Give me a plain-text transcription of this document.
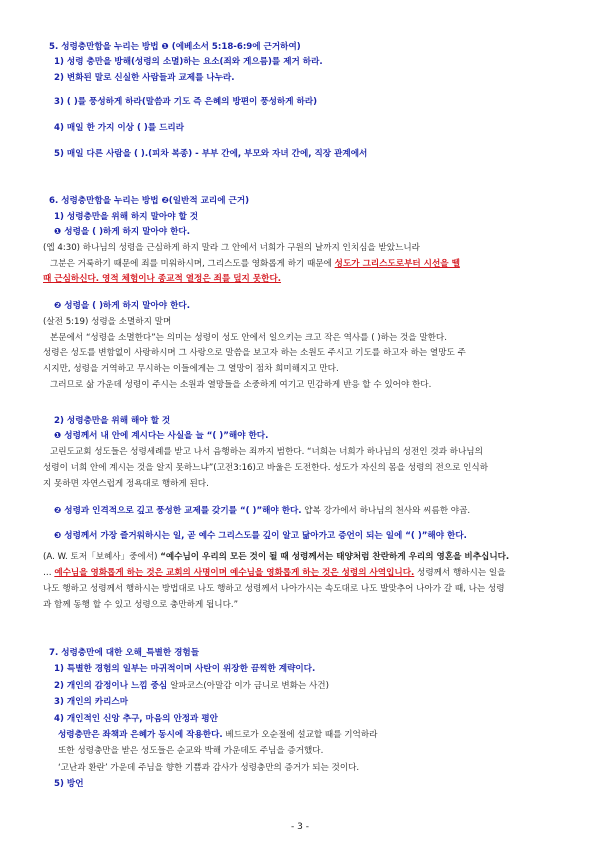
5. 성령충만함을 누리는 방법 ❶ (에베소서 5:18-6:9에 근거하여)
1) 성령 충만을 방해(성령의 소멸)하는 요소(죄와 게으름)를 제거 하라.
2) 변화된 말로 신실한 사람들과 교제를 나누라.
3) ( )를 풍성하게 하라(말씀과 기도 즉 은혜의 방편이 풍성하게 하라)
4) 매일 한 가지 이상 ( )를 드리라
5) 매일 다른 사람을 ( ).(피차 복종) - 부부 간에, 부모와 자녀 간에, 직장 관계에서
6. 성령충만함을 누리는 방법 ❷(일반적 교리에 근거)
1) 성령충만을 위해 하지 말아야 할 것
❶ 성령을 ( )하게 하지 말아야 한다.
(엡 4:30) 하나님의 성령을 근심하게 하지 말라 그 안에서 너희가 구원의 날까지 인치심을 받았느니라
그분은 거룩하기 때문에 죄를 미워하시며, 그리스도를 영화롭게 하기 때문에 성도가 그리스도로부터 시선을 뗄
때 근심하신다. 영적 체험이나 종교적 열정은 죄를 덮지 못한다.
❷ 성령을 ( )하게 하지 말아야 한다.
(살전 5:19) 성령을 소멸하지 말며
본문에서 “성령을 소멸한다”는 의미는 성령이 성도 안에서 일으키는 크고 작은 역사를 ( )하는 것을 말한다.
성령은 성도를 변함없이 사랑하시며 그 사랑으로 말씀을 보고자 하는 소원도 주시고 기도를 하고자 하는 열망도 주
시지만, 성령을 거역하고 무시하는 이들에게는 그 열망이 점차 희미해지고 만다.
그러므로 삶 가운데 성령이 주시는 소원과 열망들을 소중하게 여기고 민감하게 반응 할 수 있어야 한다.
2) 성령충만을 위해 해야 할 것
❶ 성령께서 내 안에 계시다는 사실을 늘 “( )”해야 한다.
고린도교회 성도들은 성령세례를 받고 나서 음행하는 죄까지 범한다. “너희는 너희가 하나님의 성전인 것과 하나님의
성령이 너희 안에 계시는 것을 알지 못하느냐”(고전3:16)고 바울은 도전한다. 성도가 자신의 몸을 성령의 전으로 인식하
지 못하면 자연스럽게 정욕대로 행하게 된다.
❷ 성령과 인격적으로 깊고 풍성한 교제를 갖기를 “( )”해야 한다. 얍복 강가에서 하나님의 천사와 씨름한 야곱.
❸ 성령께서 가장 즐거워하시는 일, 곧 예수 그리스도를 깊이 알고 닮아가고 증언이 되는 일에 “( )”해야 한다.
(A. W. 토저「보혜사」중에서) “예수님이 우리의 모든 것이 될 때 성령께서는 태양처럼 찬란하게 우리의 영혼을 비추십니다.
… 예수님을 영화롭게 하는 것은 교회의 사명이며 예수님을 영화롭게 하는 것은 성령의 사역입니다. 성령께서 행하시는 일을
나도 행하고 성령께서 행하시는 방법대로 나도 행하고 성령께서 나아가시는 속도대로 나도 발맞추어 나아가 갈 때, 나는 성령
과 함께 동행 할 수 있고 성령으로 충만하게 됩니다.”
7. 성령충만에 대한 오해_특별한 경험들
1) 특별한 경험의 일부는 마귀적이며 사탄이 위장한 끔찍한 계략이다.
2) 개인의 감정이나 느낌 중심 알파코스(아말감 이가 금니로 변화는 사건)
3) 개인의 카리스마
4) 개인적인 신앙 추구, 마음의 안정과 평안
성령충만은 좌책과 은혜가 동시에 작용한다. 베드로가 오순절에 설교할 때를 기억하라
또한 성령충만을 받은 성도들은 순교와 박해 가운데도 주님을 증거했다.
‘고난과 환란’ 가운데 주님을 향한 기쁨과 감사가 성령충만의 증거가 되는 것이다.
5) 방언
- 3 -
